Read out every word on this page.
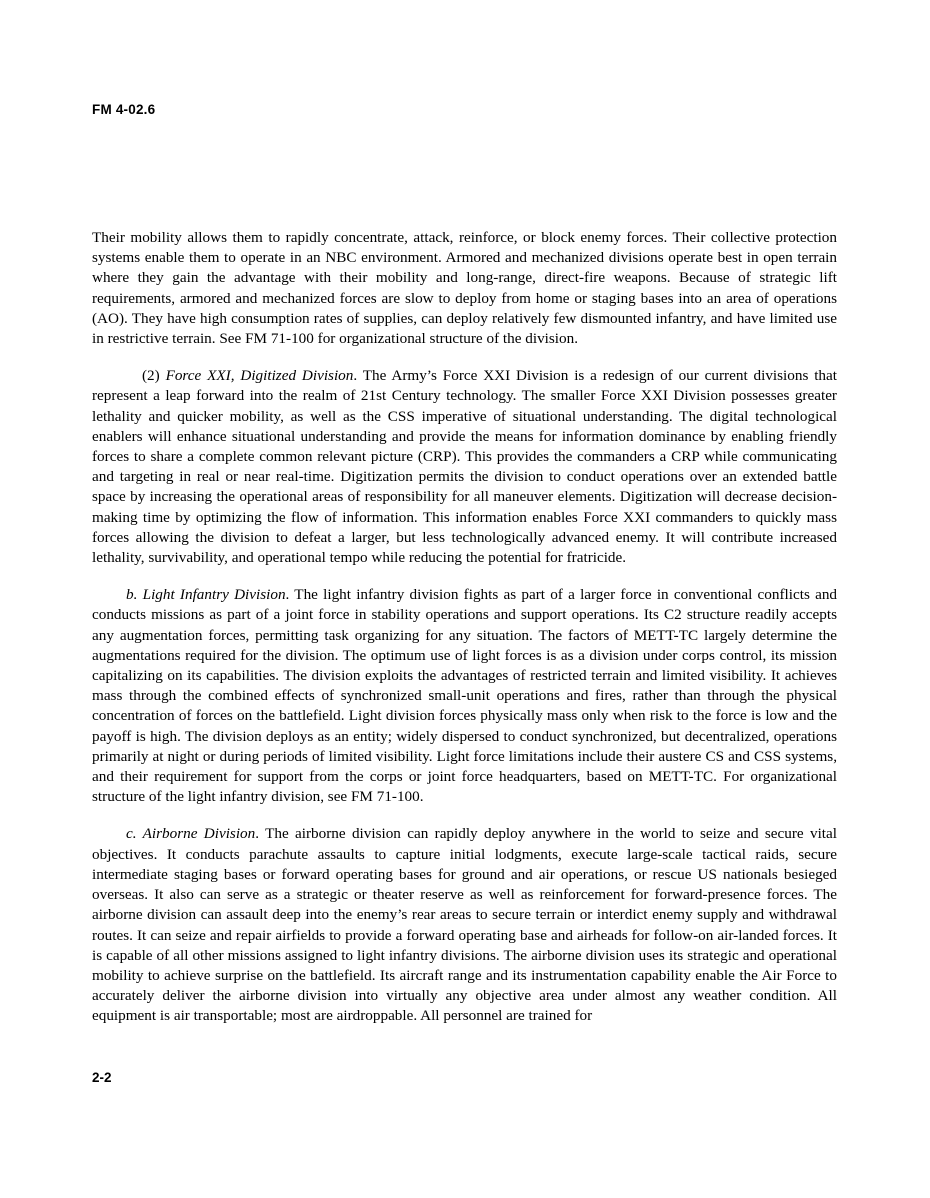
FM 4-02.6

Their mobility allows them to rapidly concentrate, attack, reinforce, or block enemy forces. Their collective protection systems enable them to operate in an NBC environment. Armored and mechanized divisions operate best in open terrain where they gain the advantage with their mobility and long-range, direct-fire weapons. Because of strategic lift requirements, armored and mechanized forces are slow to deploy from home or staging bases into an area of operations (AO). They have high consumption rates of supplies, can deploy relatively few dismounted infantry, and have limited use in restrictive terrain. See FM 71-100 for organizational structure of the division.

(2) Force XXI, Digitized Division. The Army’s Force XXI Division is a redesign of our current divisions that represent a leap forward into the realm of 21st Century technology. The smaller Force XXI Division possesses greater lethality and quicker mobility, as well as the CSS imperative of situational understanding. The digital technological enablers will enhance situational understanding and provide the means for information dominance by enabling friendly forces to share a complete common relevant picture (CRP). This provides the commanders a CRP while communicating and targeting in real or near real-time. Digitization permits the division to conduct operations over an extended battle space by increasing the operational areas of responsibility for all maneuver elements. Digitization will decrease decision-making time by optimizing the flow of information. This information enables Force XXI commanders to quickly mass forces allowing the division to defeat a larger, but less technologically advanced enemy. It will contribute increased lethality, survivability, and operational tempo while reducing the potential for fratricide.

b. Light Infantry Division. The light infantry division fights as part of a larger force in conventional conflicts and conducts missions as part of a joint force in stability operations and support operations. Its C2 structure readily accepts any augmentation forces, permitting task organizing for any situation. The factors of METT-TC largely determine the augmentations required for the division. The optimum use of light forces is as a division under corps control, its mission capitalizing on its capabilities. The division exploits the advantages of restricted terrain and limited visibility. It achieves mass through the combined effects of synchronized small-unit operations and fires, rather than through the physical concentration of forces on the battlefield. Light division forces physically mass only when risk to the force is low and the payoff is high. The division deploys as an entity; widely dispersed to conduct synchronized, but decentralized, operations primarily at night or during periods of limited visibility. Light force limitations include their austere CS and CSS systems, and their requirement for support from the corps or joint force headquarters, based on METT-TC. For organizational structure of the light infantry division, see FM 71-100.

c. Airborne Division. The airborne division can rapidly deploy anywhere in the world to seize and secure vital objectives. It conducts parachute assaults to capture initial lodgments, execute large-scale tactical raids, secure intermediate staging bases or forward operating bases for ground and air operations, or rescue US nationals besieged overseas. It also can serve as a strategic or theater reserve as well as reinforcement for forward-presence forces. The airborne division can assault deep into the enemy’s rear areas to secure terrain or interdict enemy supply and withdrawal routes. It can seize and repair airfields to provide a forward operating base and airheads for follow-on air-landed forces. It is capable of all other missions assigned to light infantry divisions. The airborne division uses its strategic and operational mobility to achieve surprise on the battlefield. Its aircraft range and its instrumentation capability enable the Air Force to accurately deliver the airborne division into virtually any objective area under almost any weather condition. All equipment is air transportable; most are airdroppable. All personnel are trained for

2-2
